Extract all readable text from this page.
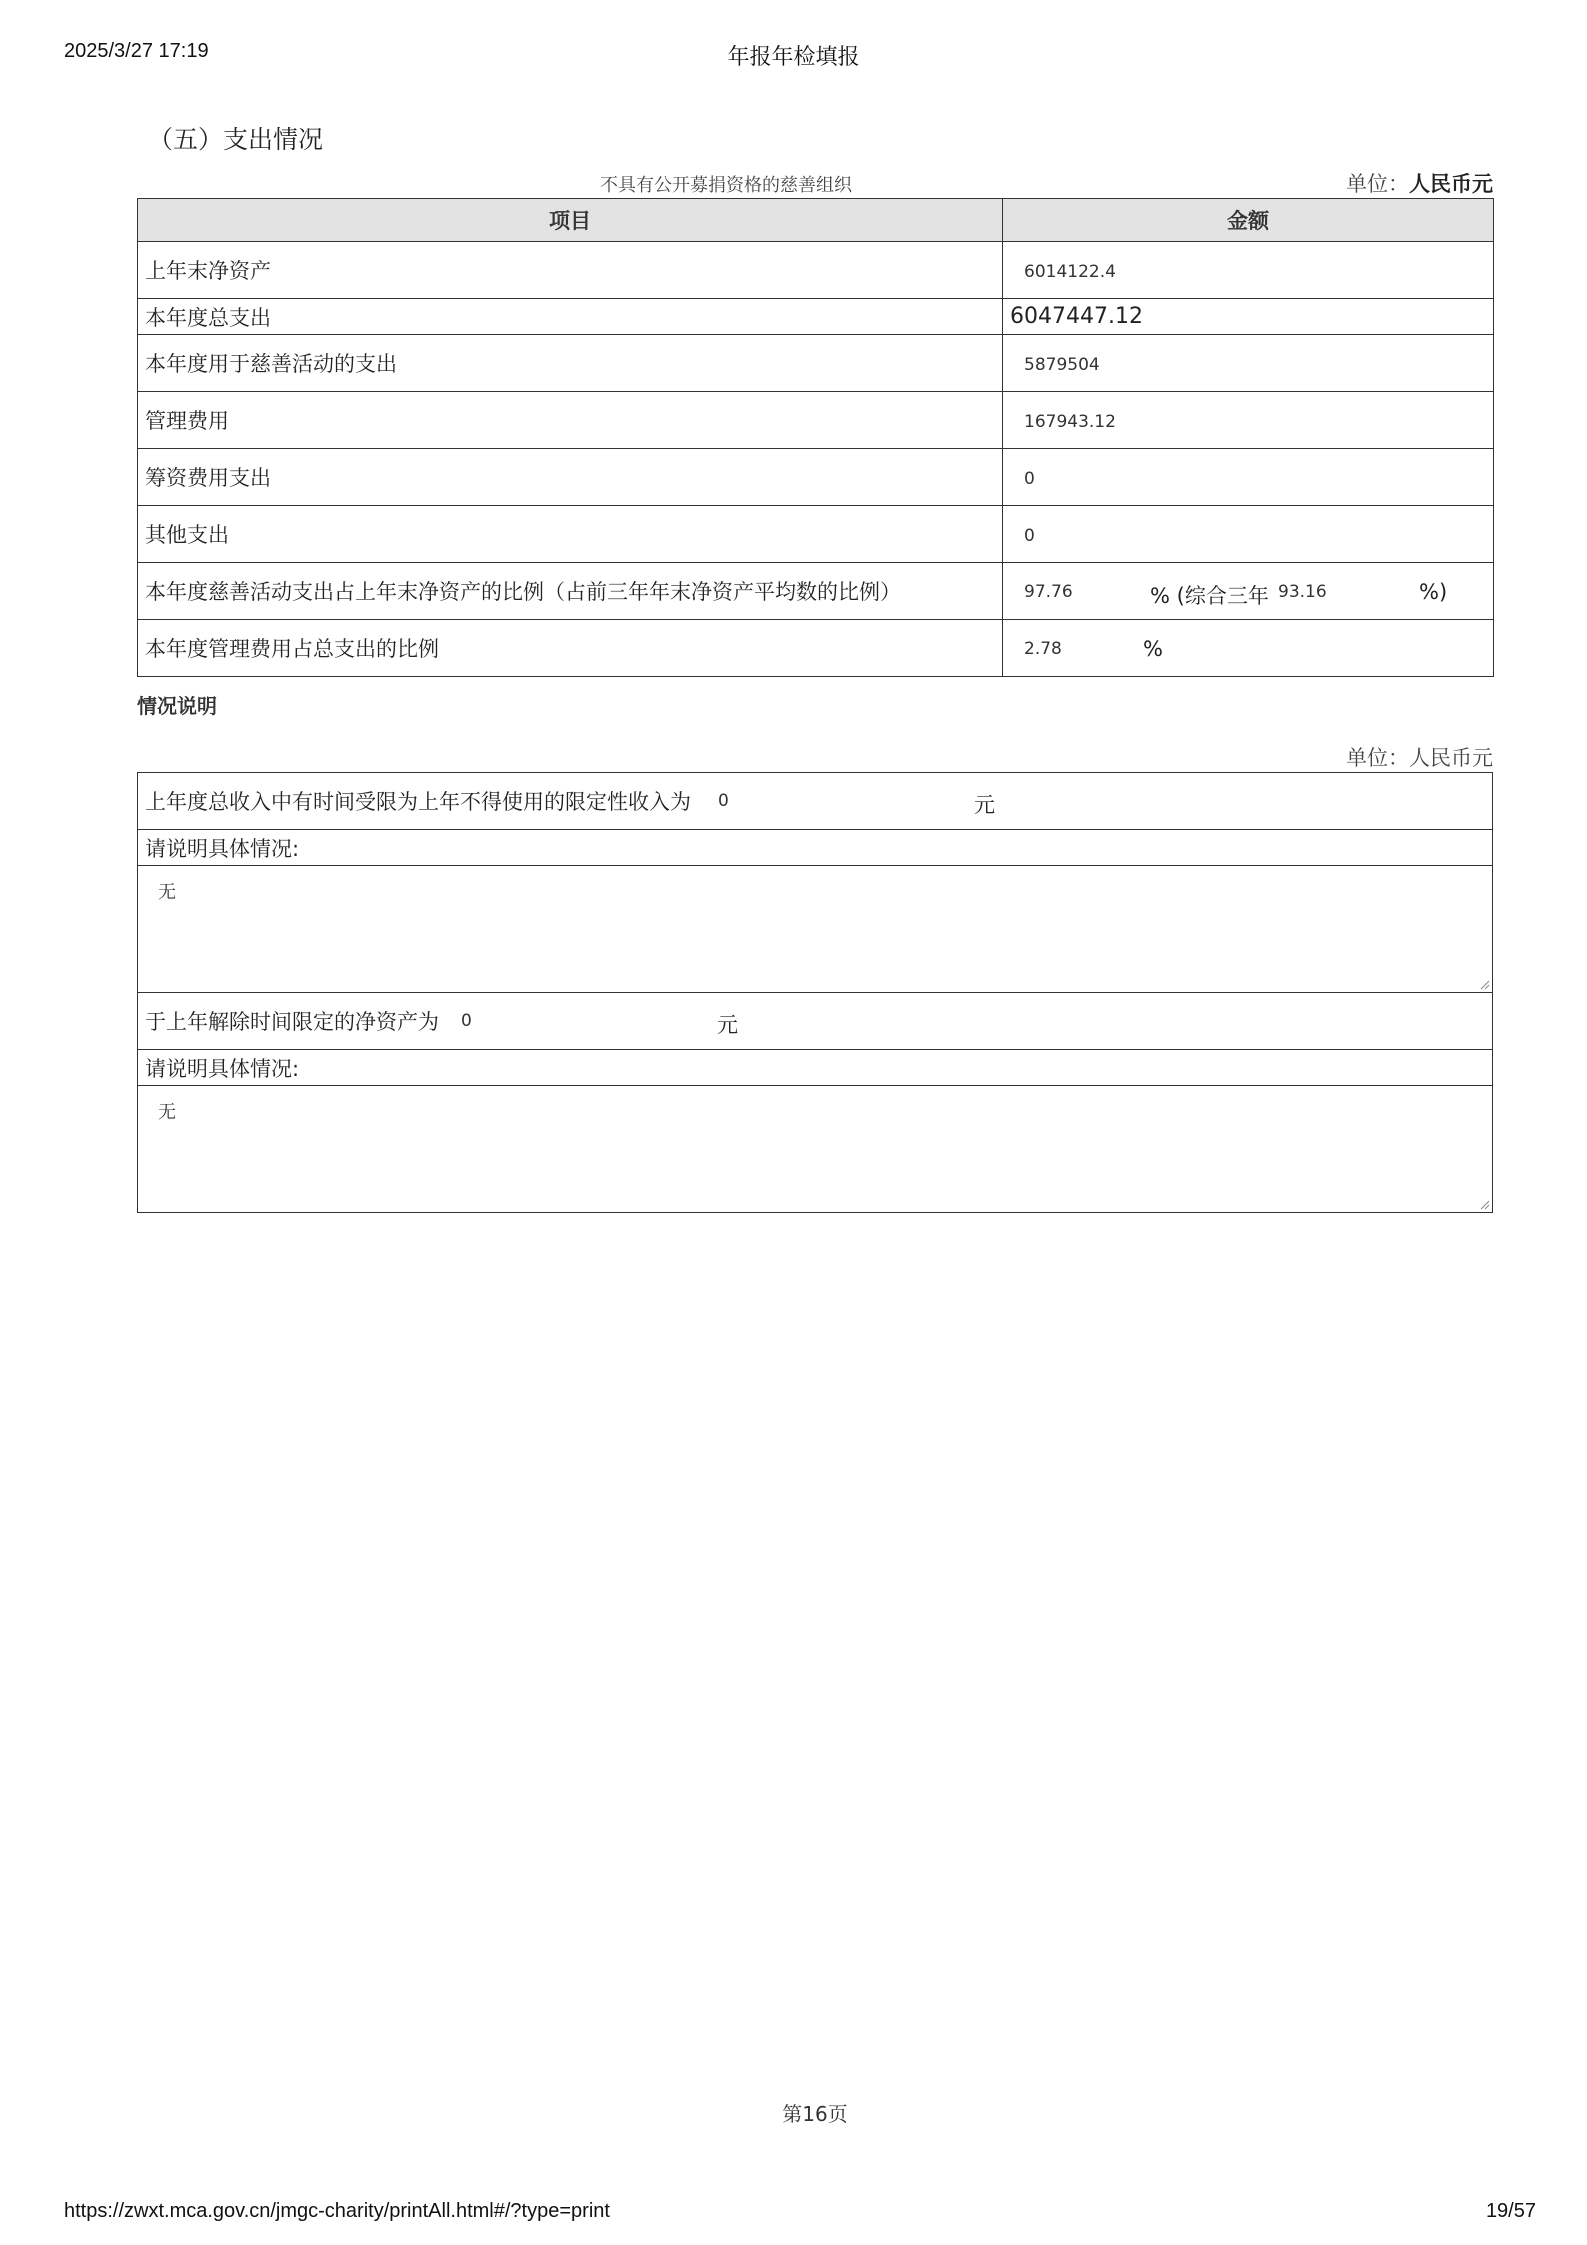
2025/3/27 17:19	年报年检填报
（五）支出情况
不具有公开募捐资格的慈善组织	单位：人民币元
项目	金额
上年末净资产	6014122.4
本年度总支出	6047447.12
本年度用于慈善活动的支出	5879504
管理费用	167943.12
筹资费用支出	0
其他支出	0
本年度慈善活动支出占上年末净资产的比例（占前三年年末净资产平均数的比例）	97.76 % (综合三年 93.16 %)

本年度管理费用占总支出的比例	2.78 %
情况说明
单位：人民币元
上年度总收入中有时间受限为上年不得使用的限定性收入为 0	元

请说明具体情况:

无

于上年解除时间限定的净资产为 0	元

请说明具体情况:

无
第16页
https://zwxt.mca.gov.cn/jmgc-charity/printAll.html#/?type=print	19/57
